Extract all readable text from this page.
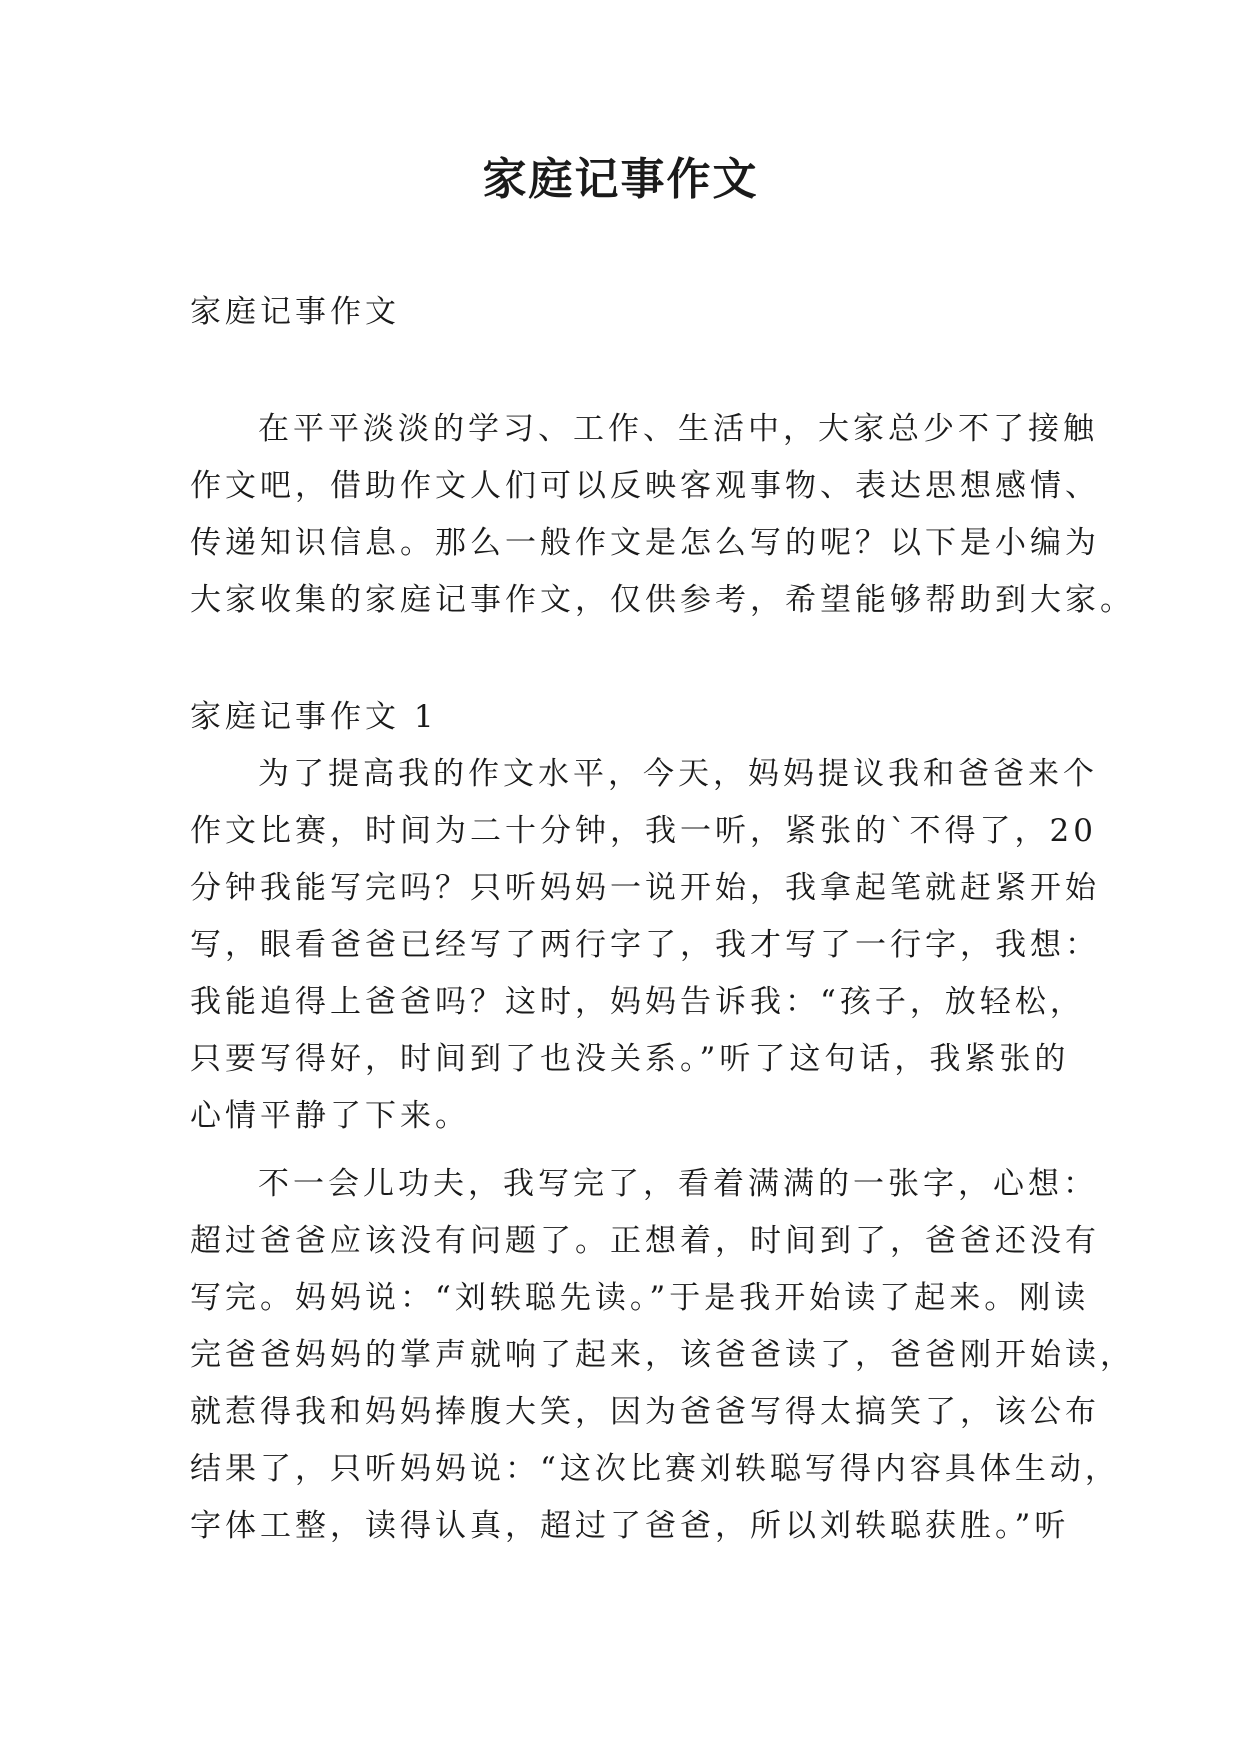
家庭记事作文
家庭记事作文
在平平淡淡的学习、工作、生活中，大家总少不了接触
作文吧，借助作文人们可以反映客观事物、表达思想感情、
传递知识信息。那么一般作文是怎么写的呢？以下是小编为
大家收集的家庭记事作文，仅供参考，希望能够帮助到大家。
家庭记事作文 1
为了提高我的作文水平，今天，妈妈提议我和爸爸来个
作文比赛，时间为二十分钟，我一听，紧张的`不得了，20
分钟我能写完吗？只听妈妈一说开始，我拿起笔就赶紧开始
写，眼看爸爸已经写了两行字了，我才写了一行字，我想：
我能追得上爸爸吗？这时，妈妈告诉我：“孩子，放轻松，
只要写得好，时间到了也没关系。”听了这句话，我紧张的
心情平静了下来。
不一会儿功夫，我写完了，看着满满的一张字，心想：
超过爸爸应该没有问题了。正想着，时间到了，爸爸还没有
写完。妈妈说：“刘轶聪先读。”于是我开始读了起来。刚读
完爸爸妈妈的掌声就响了起来，该爸爸读了，爸爸刚开始读，
就惹得我和妈妈捧腹大笑，因为爸爸写得太搞笑了，该公布
结果了，只听妈妈说：“这次比赛刘轶聪写得内容具体生动，
字体工整，读得认真，超过了爸爸，所以刘轶聪获胜。”听
